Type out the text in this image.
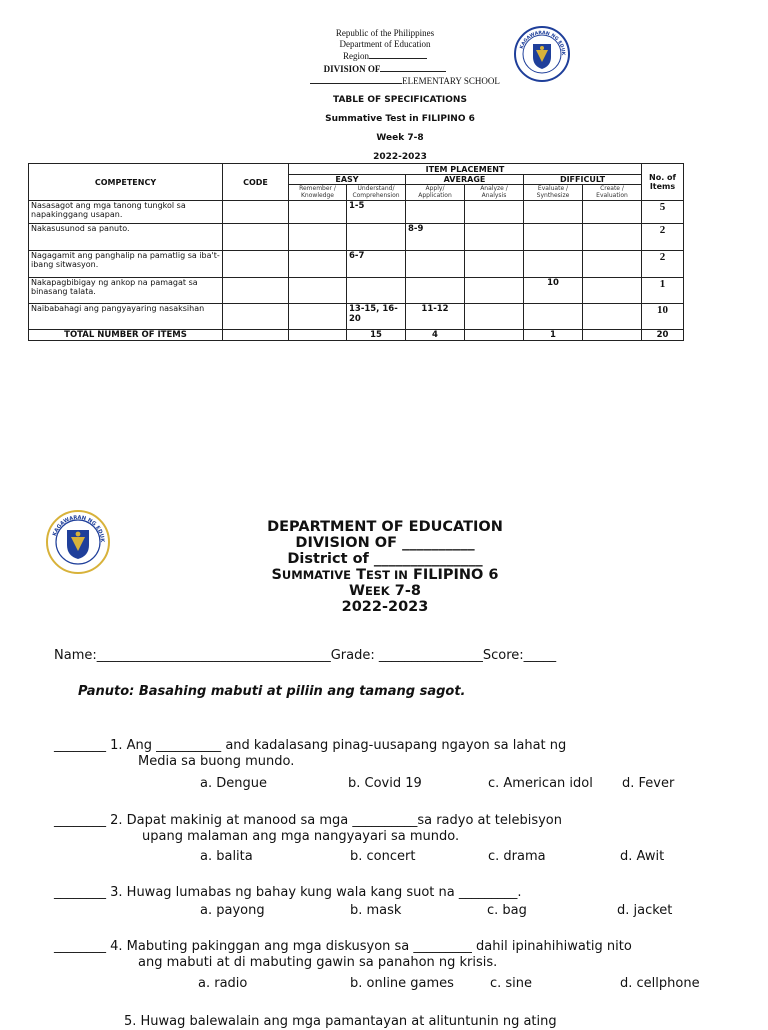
Republic of the Philippines
Department of Education
Region
DIVISION OF
ELEMENTARY SCHOOL
KAGAWARAN NG EDUK
TABLE OF SPECIFICATIONS
Summative Test in FILIPINO 6
Week 7-8
2022-2023
COMPETENCY	CODE	ITEM PLACEMENT						No. of Items
		EASY		AVERAGE		DIFFICULT		
		Remember / Knowledge	Understand/ Comprehension	Apply/ Application	Analyze / Analysis	Evaluate / Synthesize	Create / Evaluation	
Nasasagot ang mga tanong tungkol sa napakinggang usapan.			1-5					5
Nakasusunod sa panuto.				8-9				2
Nagagamit ang panghalip na pamatlig sa iba't-ibang sitwasyon.			6-7					2
Nakapagbibigay ng ankop na pamagat sa binasang talata.						10		1
Naibabahagi ang pangyayaring nasaksihan			13-15, 16-20	11-12				10
TOTAL NUMBER OF ITEMS			15	4		1		20
KAGAWARAN NG EDUK
DEPARTMENT OF EDUCATION
DIVISION OF __________
District of _______________
SUMMATIVE TEST IN FILIPINO 6
WEEK 7-8
2022-2023
Name:____________________________________Grade: ________________Score:_____
Panuto: Basahing mabuti at piliin ang tamang sagot.
________ 1. Ang __________ and kadalasang pinag-uusapang ngayon sa lahat ng
Media sa buong mundo.
a. Dengue	b. Covid 19	c. American idol d. Fever
________ 2. Dapat makinig at manood sa mga __________sa radyo at telebisyon
upang malaman ang mga nangyayari sa mundo.
a. balita	b. concert	c. drama	d. Awit
________ 3. Huwag lumabas ng bahay kung wala kang suot na _________.
a. payong	b. mask	c. bag	d. jacket
________ 4. Mabuting pakinggan ang mga diskusyon sa _________ dahil ipinahihiwatig nito
ang mabuti at di mabuting gawin sa panahon ng krisis.
a. radio	b. online games	c. sine	d. cellphone
5. Huwag balewalain ang mga pamantayan at alituntunin ng ating
